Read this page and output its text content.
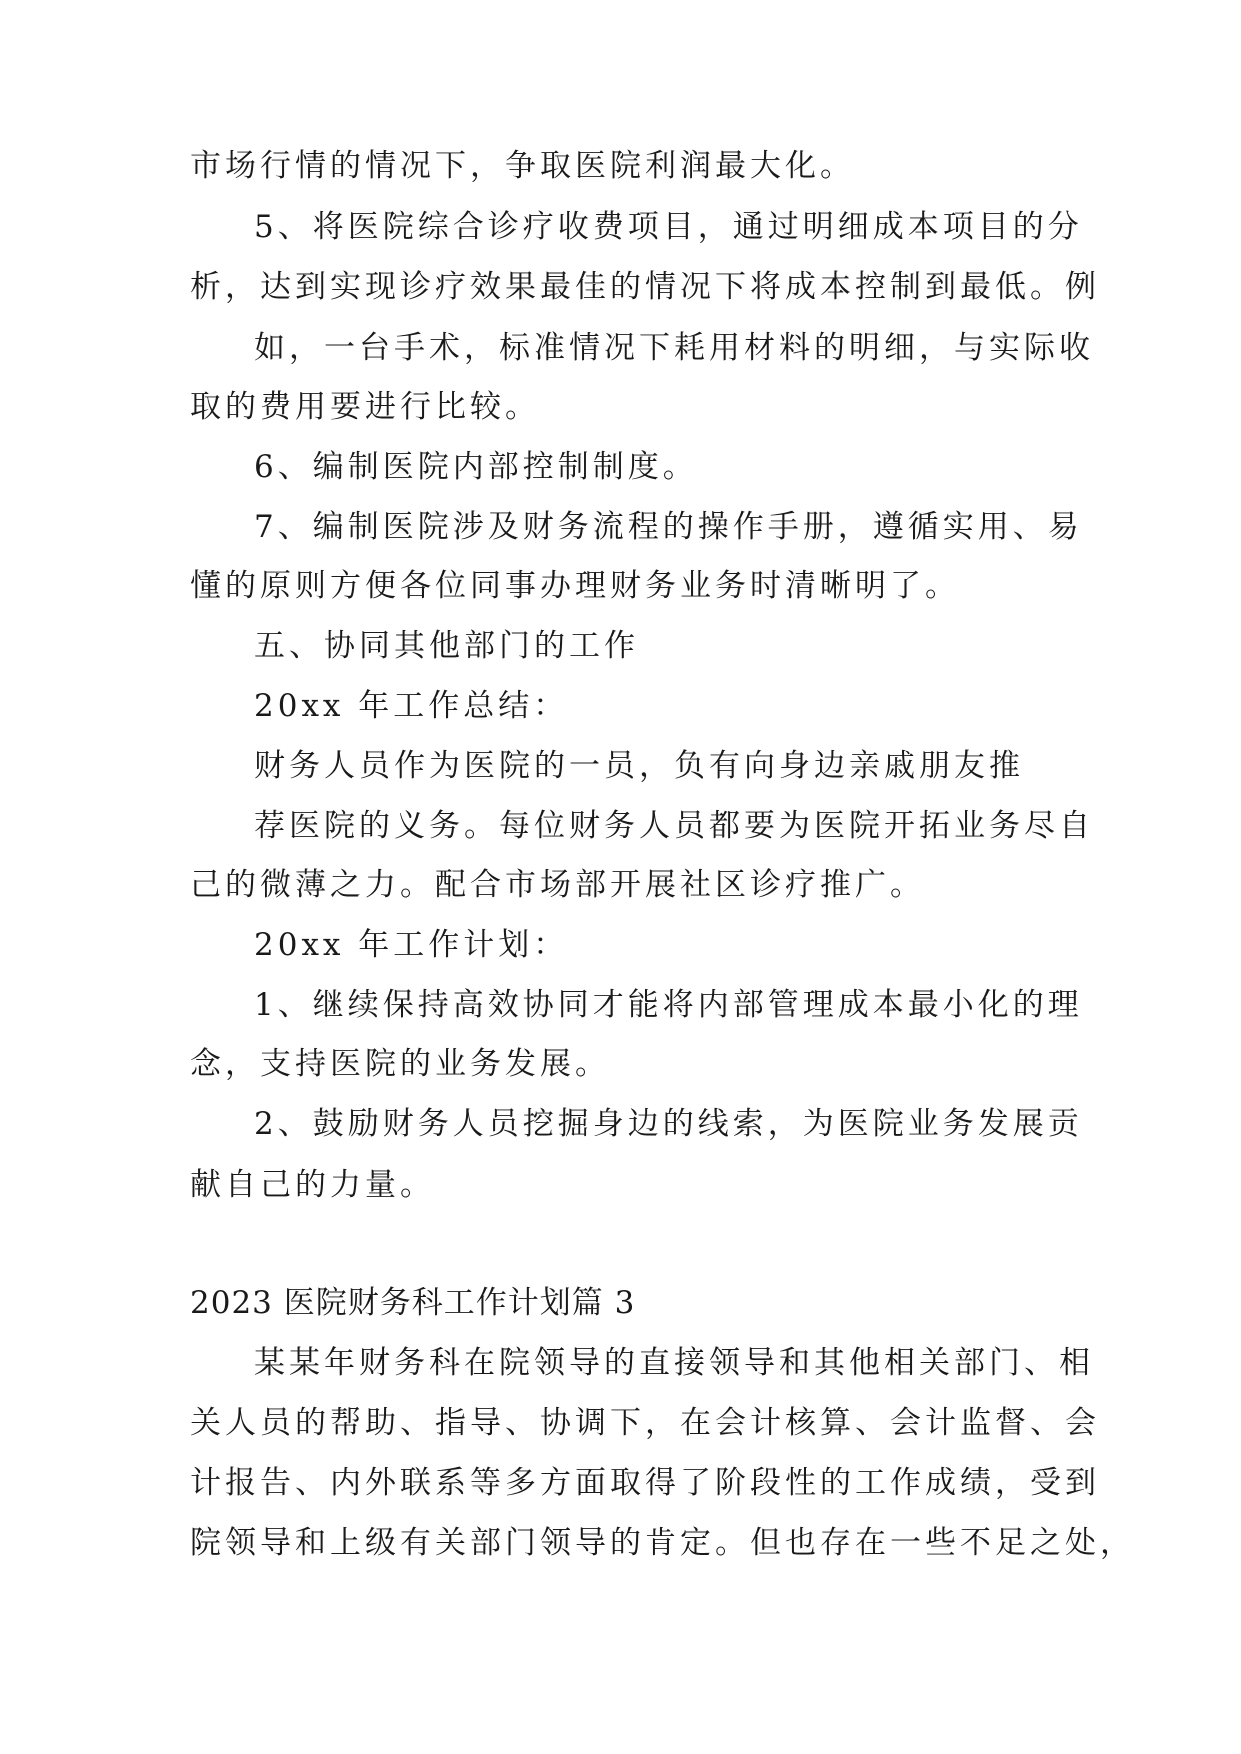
市场行情的情况下，争取医院利润最大化。
5、将医院综合诊疗收费项目，通过明细成本项目的分
析，达到实现诊疗效果最佳的情况下将成本控制到最低。例
如，一台手术，标准情况下耗用材料的明细，与实际收
取的费用要进行比较。
6、编制医院内部控制制度。
7、编制医院涉及财务流程的操作手册，遵循实用、易
懂的原则方便各位同事办理财务业务时清晰明了。
五、协同其他部门的工作
20xx 年工作总结：
财务人员作为医院的一员，负有向身边亲戚朋友推
荐医院的义务。每位财务人员都要为医院开拓业务尽自
己的微薄之力。配合市场部开展社区诊疗推广。
20xx 年工作计划：
1、继续保持高效协同才能将内部管理成本最小化的理
念，支持医院的业务发展。
2、鼓励财务人员挖掘身边的线索，为医院业务发展贡
献自己的力量。
2023 医院财务科工作计划篇 3
某某年财务科在院领导的直接领导和其他相关部门、相
关人员的帮助、指导、协调下，在会计核算、会计监督、会
计报告、内外联系等多方面取得了阶段性的工作成绩，受到
院领导和上级有关部门领导的肯定。但也存在一些不足之处，
